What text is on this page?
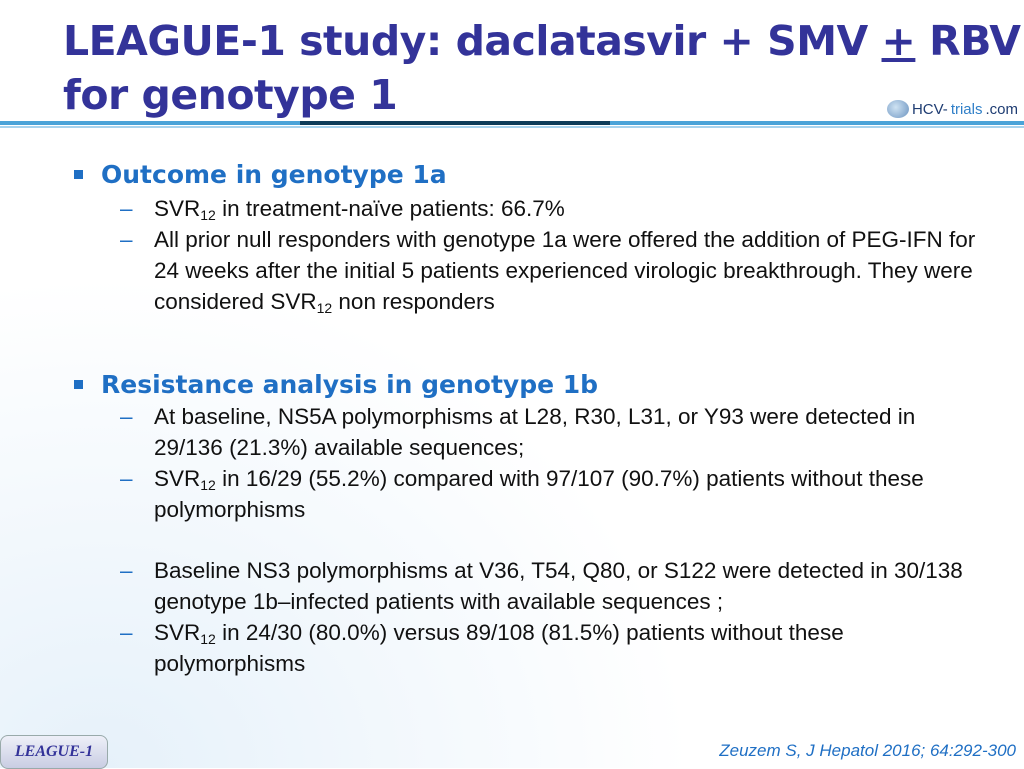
LEAGUE-1 study: daclatasvir + SMV + RBV
for genotype 1	HCV- trials .com
Outcome in genotype 1a
– $SVR_{12}$ in treatment-naïve patients: 66.7%
– All prior null responders with genotype 1a were offered the addition of PEG-IFN for 24 weeks after the initial 5 patients experienced virologic breakthrough. They were considered $SVR_{12}$ non responders
Resistance analysis in genotype 1b
– At baseline, NS5A polymorphisms at L28, R30, L31, or Y93 were detected in 29/136 (21.3%) available sequences;
– $SVR_{12}$ in 16/29 (55.2%) compared with 97/107 (90.7%) patients without these polymorphisms
– Baseline NS3 polymorphisms at V36, T54, Q80, or S122 were detected in 30/138 genotype 1b–infected patients with available sequences ;
– $SVR_{12}$ in 24/30 (80.0%) versus 89/108 (81.5%) patients without these polymorphisms
LEAGUE-1	Zeuzem S, J Hepatol 2016; 64:292-300
